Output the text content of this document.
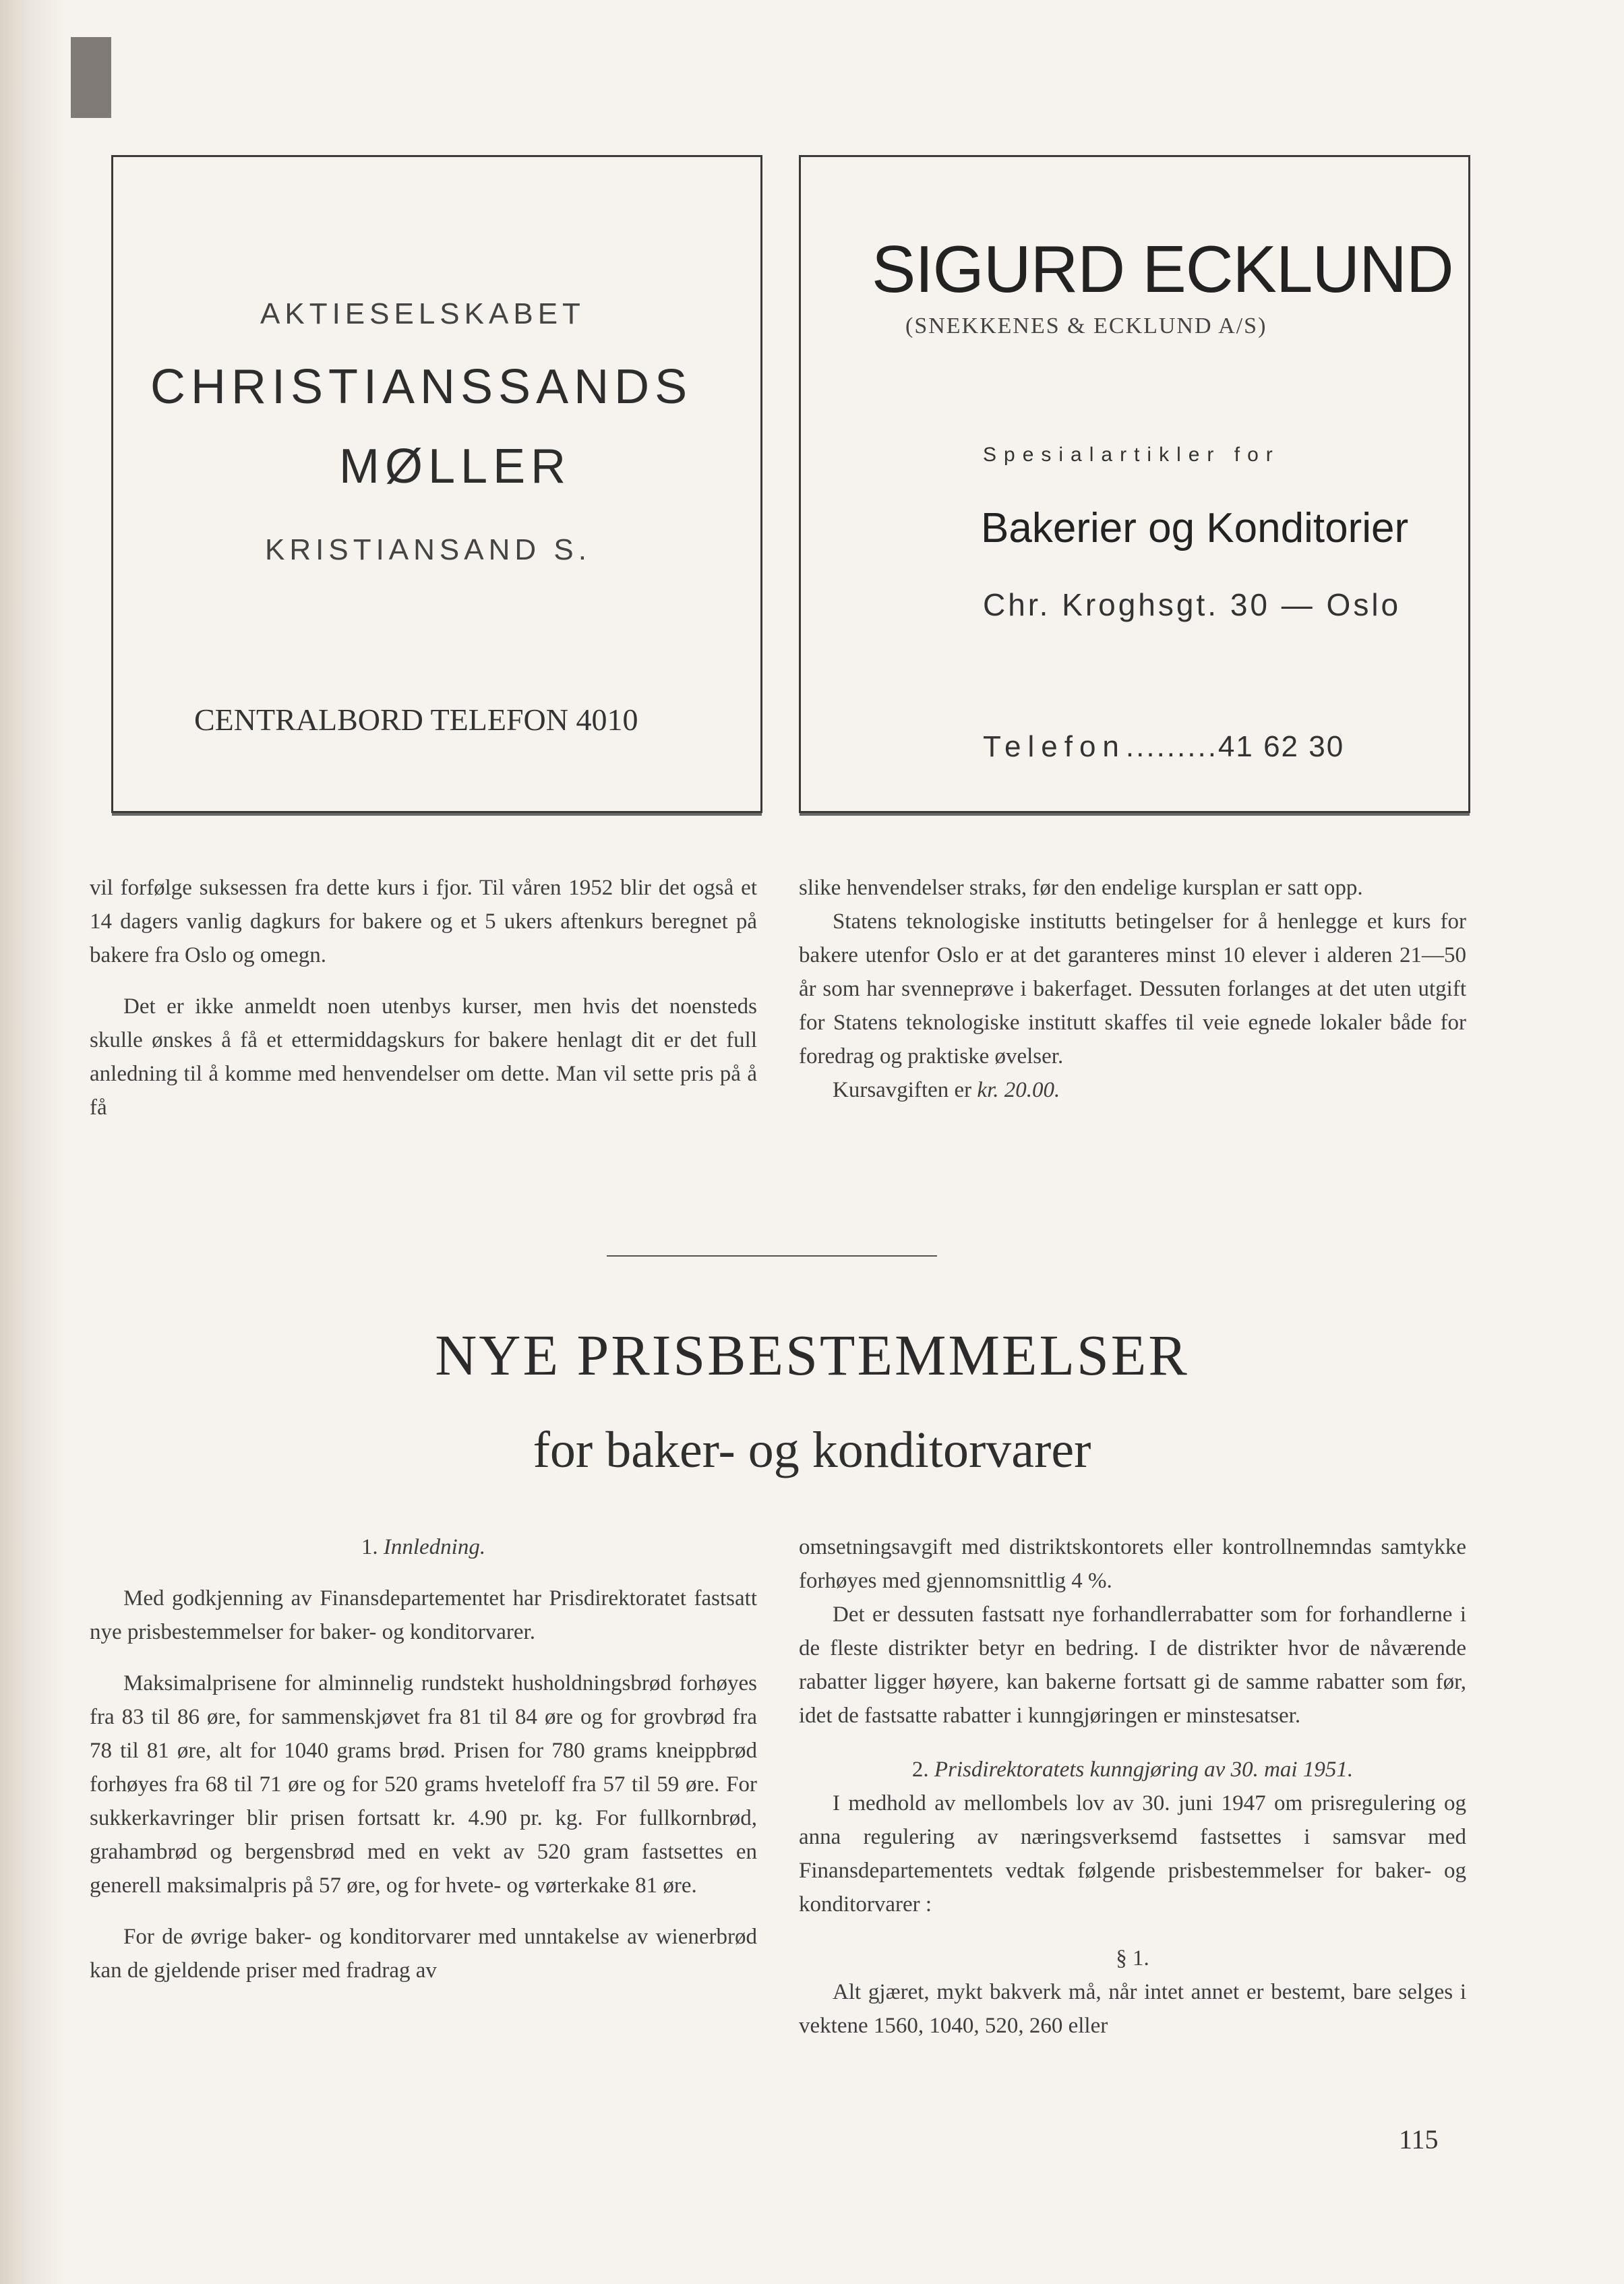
AKTIESELSKABET
CHRISTIANSSANDS
MØLLER
KRISTIANSAND S.
CENTRALBORD TELEFON 4010
SIGURD ECKLUND
(SNEKKENES & ECKLUND A/S)
Spesialartikler for
Bakerier og Konditorier
Chr. Kroghsgt. 30 — Oslo
Telefon.........41 62 30

vil forfølge suksessen fra dette kurs i fjor. Til våren 1952 blir det også et 14 dagers vanlig dagkurs for bakere og et 5 ukers aftenkurs beregnet på bakere fra Oslo og omegn.

Det er ikke anmeldt noen utenbys kurser, men hvis det noensteds skulle ønskes å få et ettermiddagskurs for bakere henlagt dit er det full anledning til å komme med henvendelser om dette. Man vil sette pris på å få

slike henvendelser straks, før den endelige kursplan er satt opp.

Statens teknologiske institutts betingelser for å henlegge et kurs for bakere utenfor Oslo er at det garanteres minst 10 elever i alderen 21—50 år som har svenneprøve i bakerfaget. Dessuten forlanges at det uten utgift for Statens teknologiske institutt skaffes til veie egnede lokaler både for foredrag og praktiske øvelser.

Kursavgiften er kr. 20.00.

NYE PRISBESTEMMELSER
for baker- og konditorvarer

1. Innledning.

Med godkjenning av Finansdepartementet har Prisdirektoratet fastsatt nye prisbestemmelser for baker- og konditorvarer.

Maksimalprisene for alminnelig rundstekt husholdningsbrød forhøyes fra 83 til 86 øre, for sammenskjøvet fra 81 til 84 øre og for grovbrød fra 78 til 81 øre, alt for 1040 grams brød. Prisen for 780 grams kneippbrød forhøyes fra 68 til 71 øre og for 520 grams hveteloff fra 57 til 59 øre. For sukkerkavringer blir prisen fortsatt kr. 4.90 pr. kg. For fullkornbrød, grahambrød og bergensbrød med en vekt av 520 gram fastsettes en generell maksimalpris på 57 øre, og for hvete- og vørterkake 81 øre.

For de øvrige baker- og konditorvarer med unntakelse av wienerbrød kan de gjeldende priser med fradrag av

omsetningsavgift med distriktskontorets eller kontrollnemndas samtykke forhøyes med gjennomsnittlig 4 %.

Det er dessuten fastsatt nye forhandlerrabatter som for forhandlerne i de fleste distrikter betyr en bedring. I de distrikter hvor de nåværende rabatter ligger høyere, kan bakerne fortsatt gi de samme rabatter som før, idet de fastsatte rabatter i kunngjøringen er minstesatser.

2. Prisdirektoratets kunngjøring av 30. mai 1951.

I medhold av mellombels lov av 30. juni 1947 om prisregulering og anna regulering av næringsverksemd fastsettes i samsvar med Finansdepartementets vedtak følgende prisbestemmelser for baker- og konditorvarer :

§ 1.

Alt gjæret, mykt bakverk må, når intet annet er bestemt, bare selges i vektene 1560, 1040, 520, 260 eller

115
